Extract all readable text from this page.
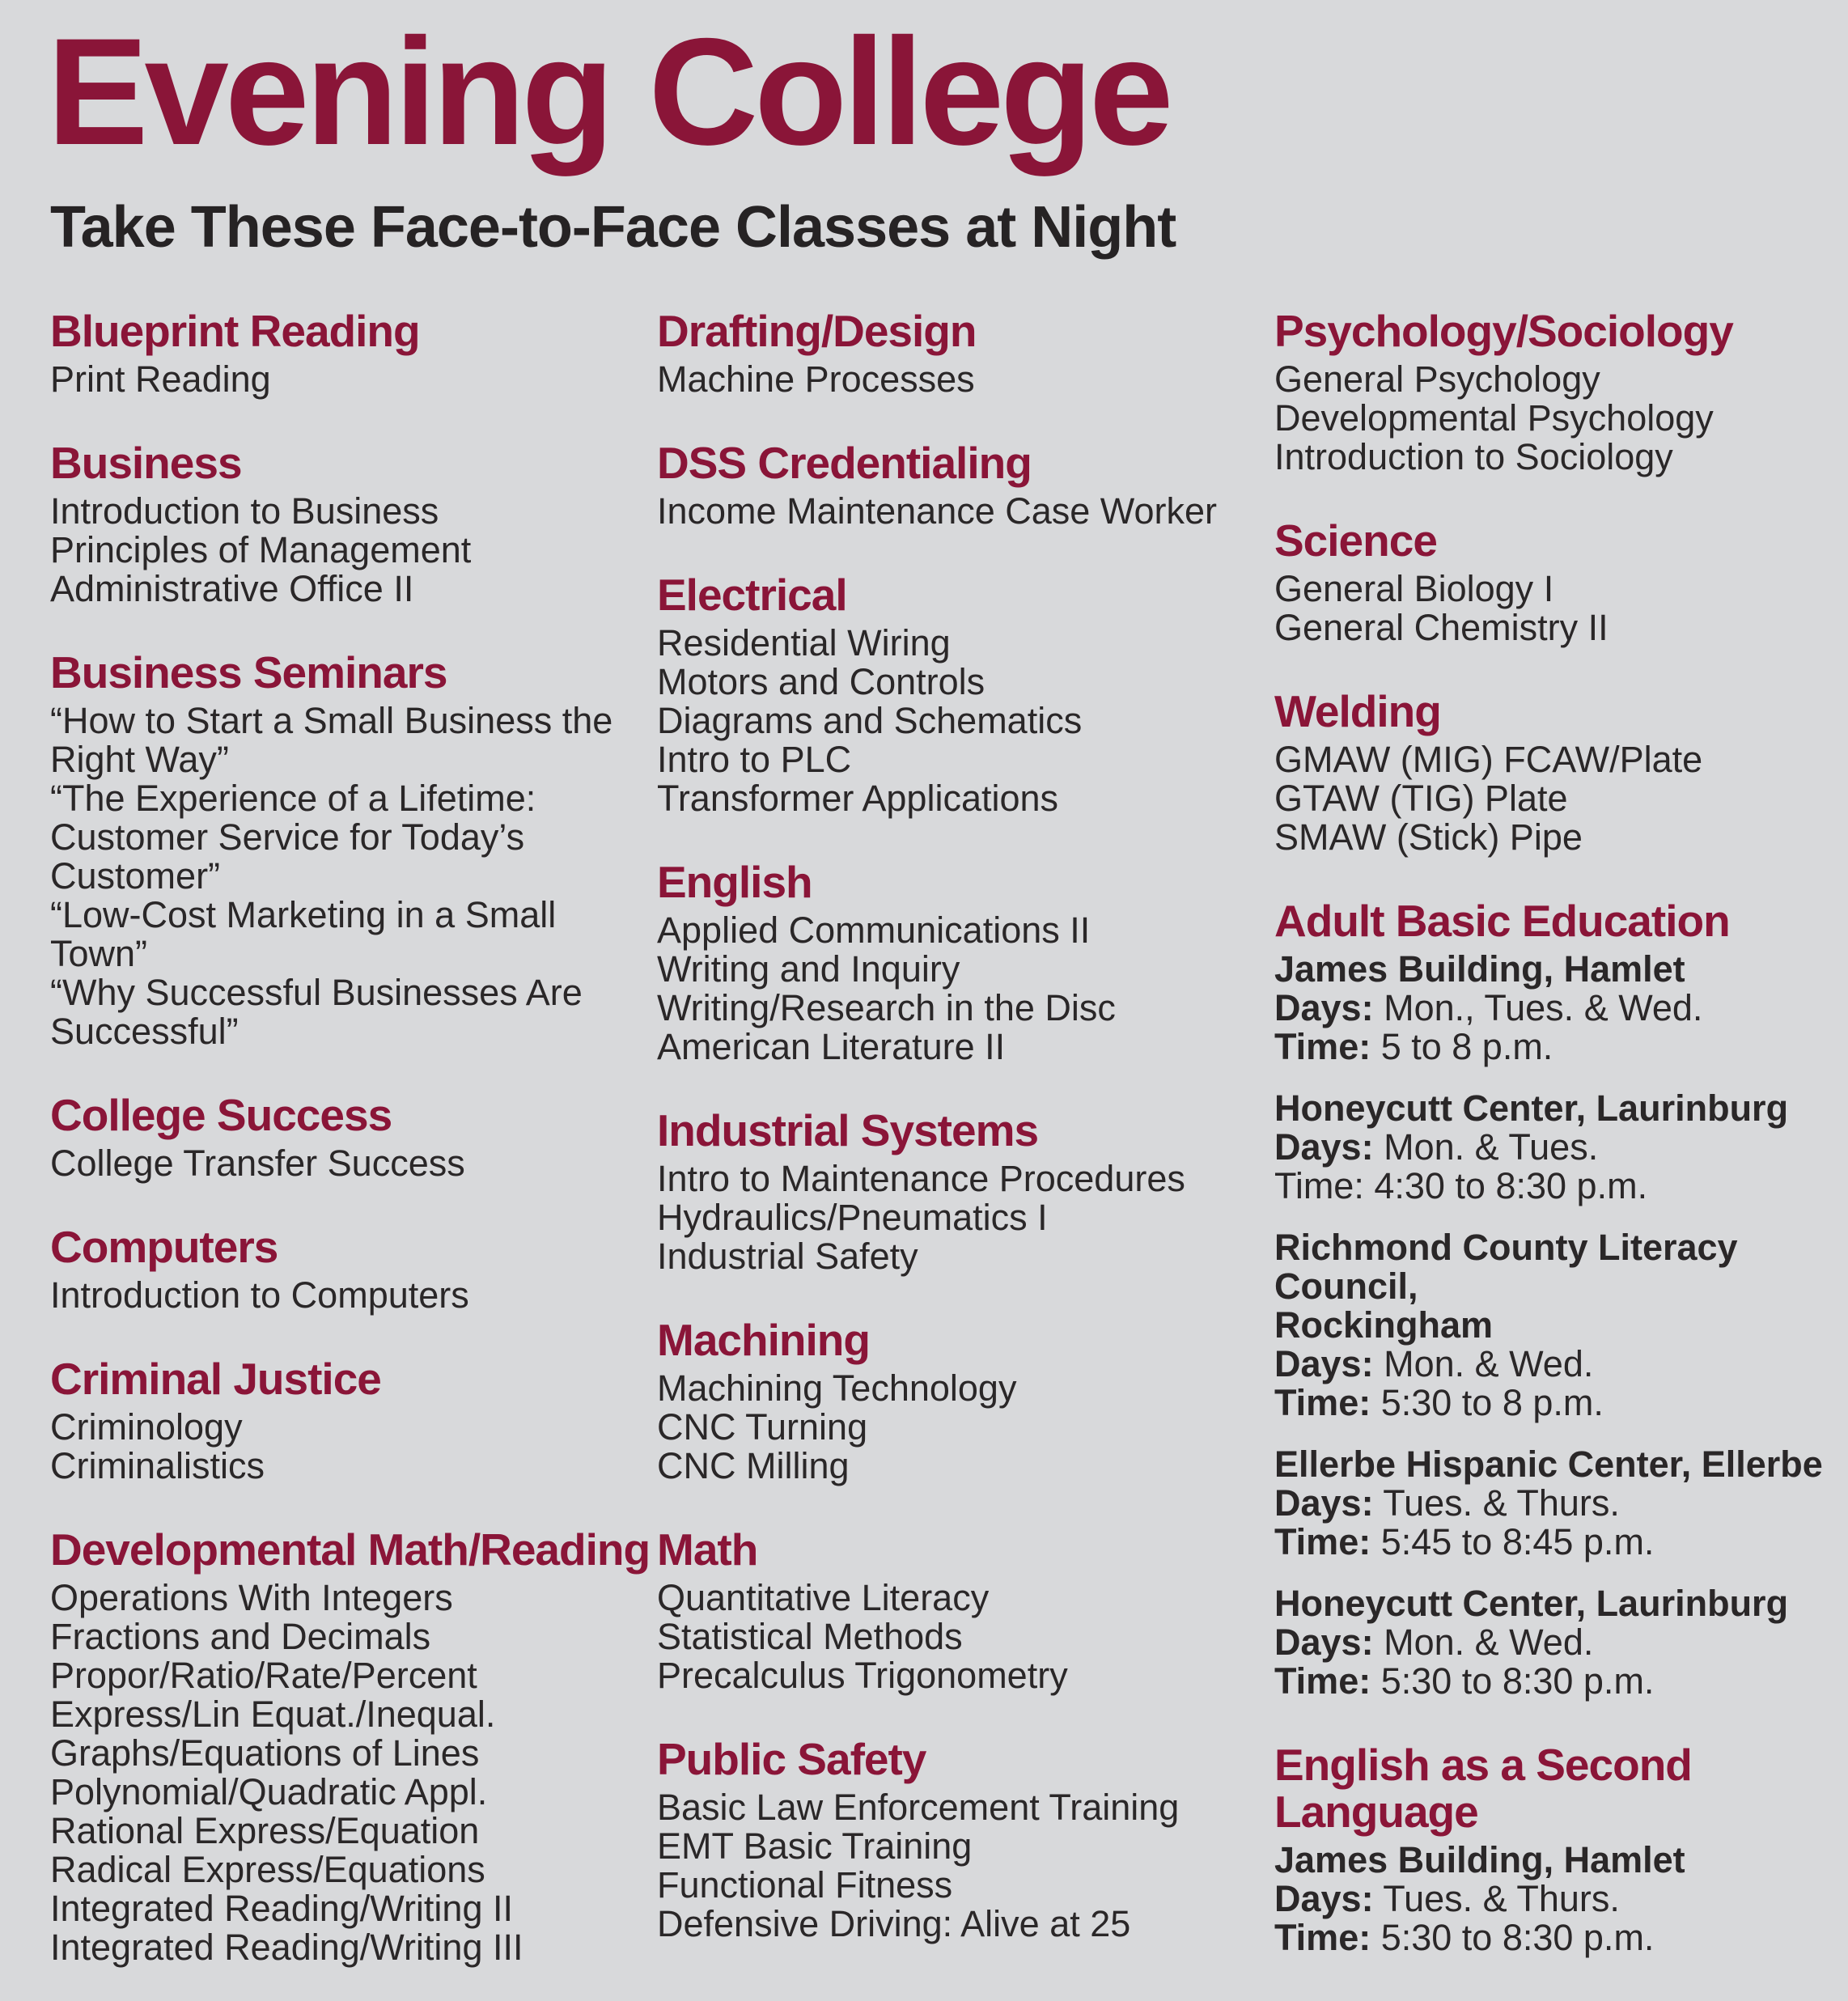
Evening College
Take These Face-to-Face Classes at Night
Blueprint Reading
Print Reading
Business
Introduction to Business
Principles of Management
Administrative Office II
Business Seminars
“How to Start a Small Business the
Right Way”
“The Experience of a Lifetime:
Customer Service for Today’s
Customer”
“Low-Cost Marketing in a Small
Town”
“Why Successful Businesses Are
Successful”
College Success
College Transfer Success
Computers
Introduction to Computers
Criminal Justice
Criminology
Criminalistics
Developmental Math/Reading
Operations With Integers
Fractions and Decimals
Propor/Ratio/Rate/Percent
Express/Lin Equat./Inequal.
Graphs/Equations of Lines
Polynomial/Quadratic Appl.
Rational Express/Equation
Radical Express/Equations
Integrated Reading/Writing II
Integrated Reading/Writing III
Drafting/Design
Machine Processes
DSS Credentialing
Income Maintenance Case Worker
Electrical
Residential Wiring
Motors and Controls
Diagrams and Schematics
Intro to PLC
Transformer Applications
English
Applied Communications II
Writing and Inquiry
Writing/Research in the Disc
American Literature II
Industrial Systems
Intro to Maintenance Procedures
Hydraulics/Pneumatics I
Industrial Safety
Machining
Machining Technology
CNC Turning
CNC Milling
Math
Quantitative Literacy
Statistical Methods
Precalculus Trigonometry
Public Safety
Basic Law Enforcement Training
EMT Basic Training
Functional Fitness
Defensive Driving: Alive at 25
Psychology/Sociology
General Psychology
Developmental Psychology
Introduction to Sociology
Science
General Biology I
General Chemistry II
Welding
GMAW (MIG) FCAW/Plate
GTAW (TIG) Plate
SMAW (Stick) Pipe
Adult Basic Education
James Building, Hamlet
Days: Mon., Tues. & Wed.
Time: 5 to 8 p.m.
Honeycutt Center, Laurinburg
Days: Mon. & Tues.
Time: 4:30 to 8:30 p.m.
Richmond County Literacy Council,
Rockingham
Days: Mon. & Wed.
Time: 5:30 to 8 p.m.
Ellerbe Hispanic Center, Ellerbe
Days: Tues. & Thurs.
Time: 5:45 to 8:45 p.m.
Honeycutt Center, Laurinburg
Days: Mon. & Wed.
Time: 5:30 to 8:30 p.m.
English as a Second
Language
James Building, Hamlet
Days: Tues. & Thurs.
Time: 5:30 to 8:30 p.m.
